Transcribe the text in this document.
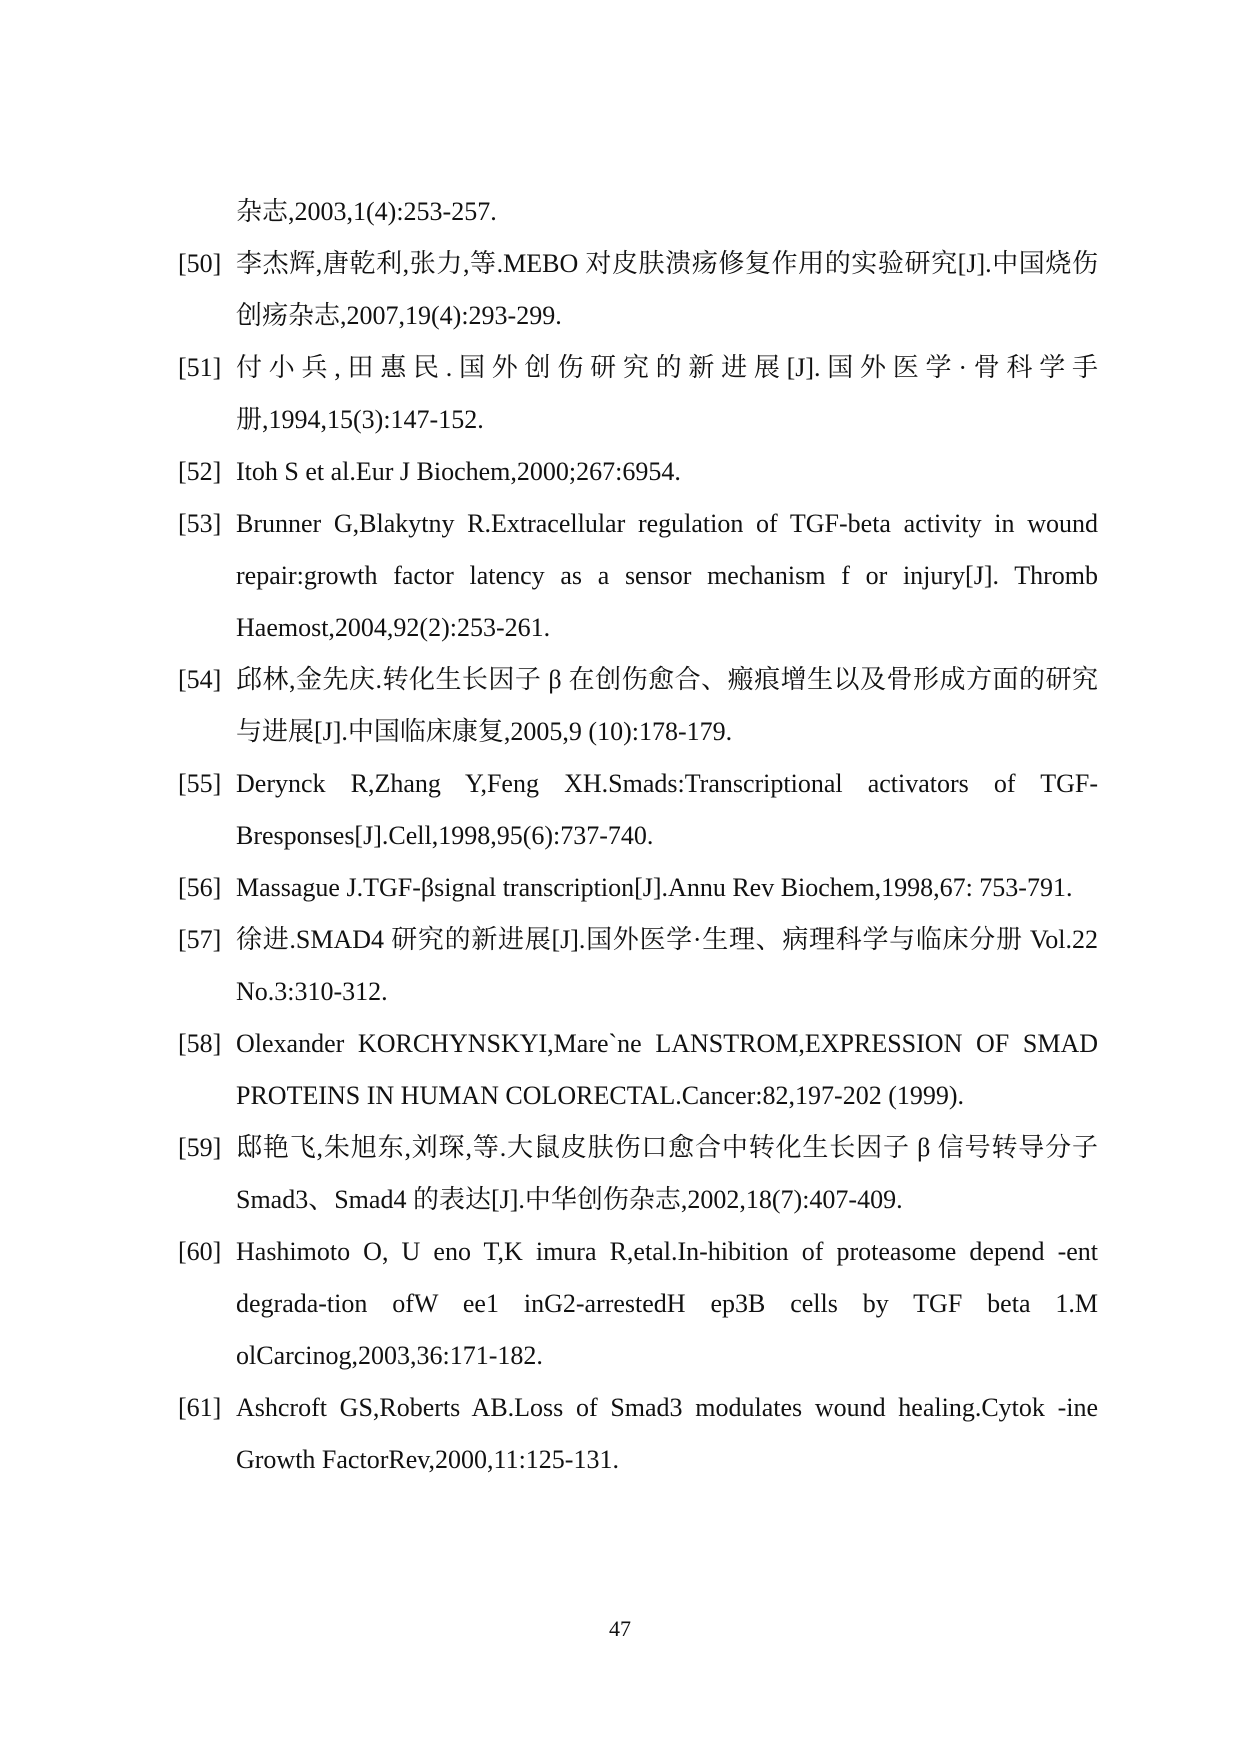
杂志,2003,1(4):253-257.

[50] 李杰辉,唐乾利,张力,等.MEBO 对皮肤溃疡修复作用的实验研究[J].中国烧伤创疡杂志,2007,19(4):293-299.

[51] 付小兵,田惠民.国外创伤研究的新进展[J].国外医学·骨科学手册,1994,15(3):147-152.

[52] Itoh S et al.Eur J Biochem,2000;267:6954.

[53] Brunner G,Blakytny R.Extracellular regulation of TGF-beta activity in wound repair:growth factor latency as a sensor mechanism f or injury[J]. Thromb Haemost,2004,92(2):253-261.

[54] 邱林,金先庆.转化生长因子 β 在创伤愈合、瘢痕增生以及骨形成方面的研究与进展[J].中国临床康复,2005,9 (10):178-179.

[55] Derynck R,Zhang Y,Feng XH.Smads:Transcriptional activators of TGF-Bresponses[J].Cell,1998,95(6):737-740.

[56] Massague J.TGF-βsignal transcription[J].Annu Rev Biochem,1998,67: 753-791.

[57] 徐进.SMAD4 研究的新进展[J].国外医学·生理、病理科学与临床分册 Vol.22 No.3:310-312.

[58] Olexander KORCHYNSKYI,Mare`ne LANSTROM,EXPRESSION OF SMAD PROTEINS IN HUMAN COLORECTAL.Cancer:82,197-202 (1999).

[59] 邸艳飞,朱旭东,刘琛,等.大鼠皮肤伤口愈合中转化生长因子 β 信号转导分子 Smad3、Smad4 的表达[J].中华创伤杂志,2002,18(7):407-409.

[60] Hashimoto O, U eno T,K imura R,etal.In-hibition of proteasome depend -ent degrada-tion ofW ee1 inG2-arrestedH ep3B cells by TGF beta 1.M olCarcinog,2003,36:171-182.

[61] Ashcroft GS,Roberts AB.Loss of Smad3 modulates wound healing.Cytok -ine Growth FactorRev,2000,11:125-131.

47
